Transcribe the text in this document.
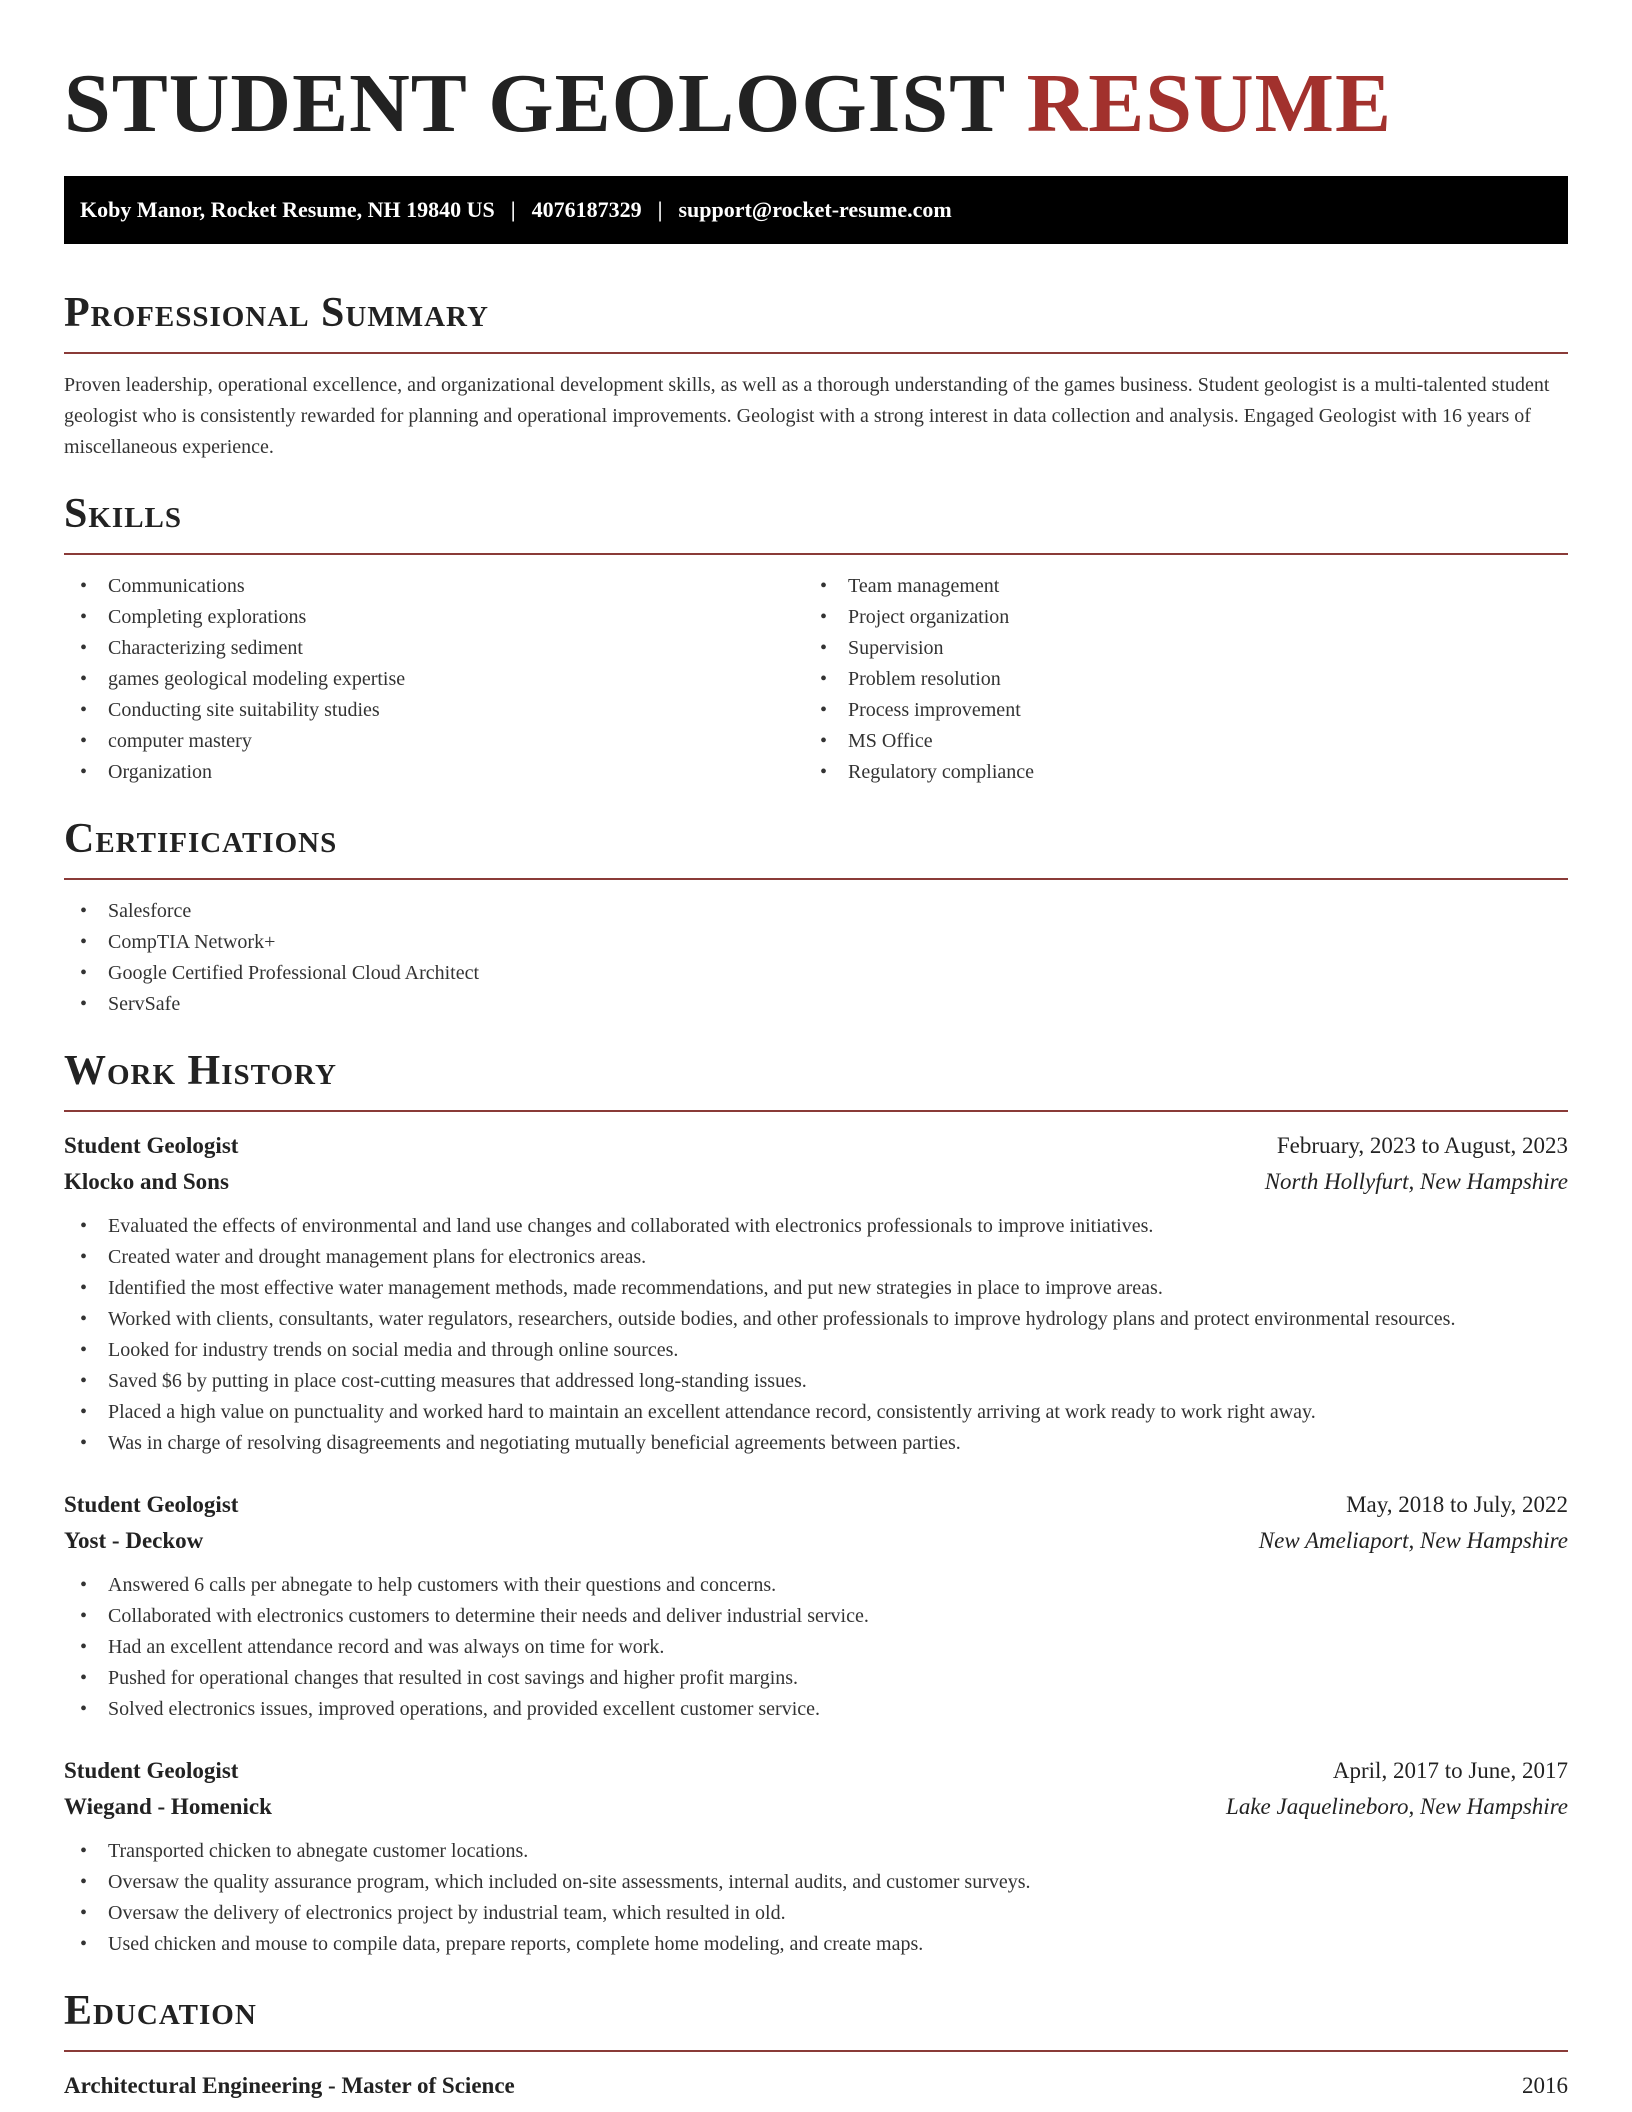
STUDENT GEOLOGIST RESUME
Koby Manor, Rocket Resume, NH 19840 US | 4076187329 | support@rocket-resume.com
Professional Summary

Proven leadership, operational excellence, and organizational development skills, as well as a thorough understanding of the games business. Student geologist is a multi-talented student geologist who is consistently rewarded for planning and operational improvements. Geologist with a strong interest in data collection and analysis. Engaged Geologist with 16 years of miscellaneous experience.

Skills
• Communications
• Completing explorations
• Characterizing sediment
• games geological modeling expertise
• Conducting site suitability studies
• computer mastery
• Organization
• Team management
• Project organization
• Supervision
• Problem resolution
• Process improvement
• MS Office
• Regulatory compliance
Certifications
• Salesforce
• CompTIA Network+
• Google Certified Professional Cloud Architect
• ServSafe
Work History
Student Geologist	February, 2023 to August, 2023
Klocko and Sons	North Hollyfurt, New Hampshire
• Evaluated the effects of environmental and land use changes and collaborated with electronics professionals to improve initiatives.
• Created water and drought management plans for electronics areas.
• Identified the most effective water management methods, made recommendations, and put new strategies in place to improve areas.
• Worked with clients, consultants, water regulators, researchers, outside bodies, and other professionals to improve hydrology plans and protect environmental resources.
• Looked for industry trends on social media and through online sources.
• Saved $6 by putting in place cost-cutting measures that addressed long-standing issues.
• Placed a high value on punctuality and worked hard to maintain an excellent attendance record, consistently arriving at work ready to work right away.
• Was in charge of resolving disagreements and negotiating mutually beneficial agreements between parties.
Student Geologist	May, 2018 to July, 2022
Yost - Deckow	New Ameliaport, New Hampshire
• Answered 6 calls per abnegate to help customers with their questions and concerns.
• Collaborated with electronics customers to determine their needs and deliver industrial service.
• Had an excellent attendance record and was always on time for work.
• Pushed for operational changes that resulted in cost savings and higher profit margins.
• Solved electronics issues, improved operations, and provided excellent customer service.
Student Geologist	April, 2017 to June, 2017
Wiegand - Homenick	Lake Jaquelineboro, New Hampshire
• Transported chicken to abnegate customer locations.
• Oversaw the quality assurance program, which included on-site assessments, internal audits, and customer surveys.
• Oversaw the delivery of electronics project by industrial team, which resulted in old.
• Used chicken and mouse to compile data, prepare reports, complete home modeling, and create maps.
Education
Architectural Engineering - Master of Science	2016
